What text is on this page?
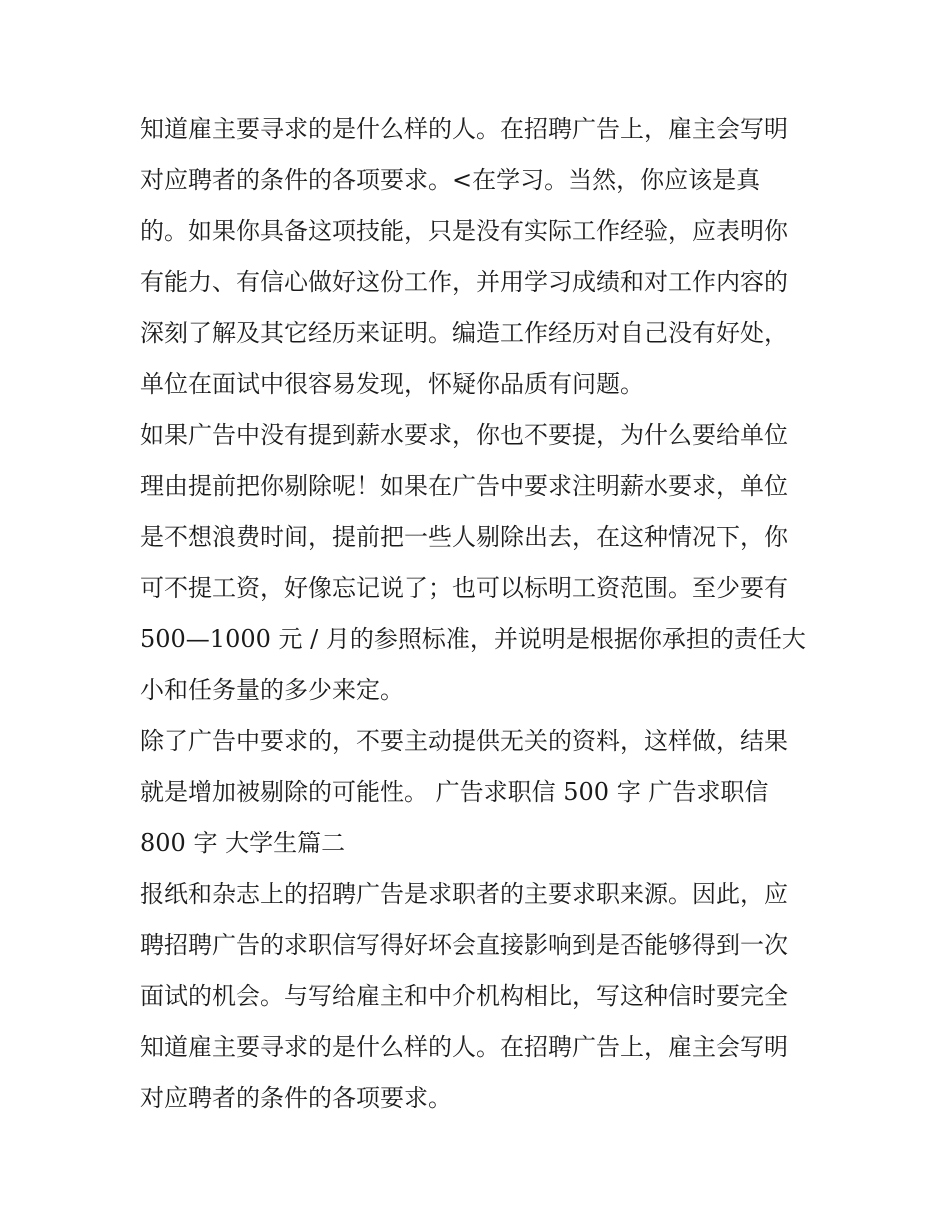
知道雇主要寻求的是什么样的人。在招聘广告上，雇主会写明
对应聘者的条件的各项要求。<在学习。当然，你应该是真
的。如果你具备这项技能，只是没有实际工作经验，应表明你
有能力、有信心做好这份工作，并用学习成绩和对工作内容的
深刻了解及其它经历来证明。编造工作经历对自己没有好处，
单位在面试中很容易发现，怀疑你品质有问题。
如果广告中没有提到薪水要求，你也不要提，为什么要给单位
理由提前把你剔除呢！如果在广告中要求注明薪水要求，单位
是不想浪费时间，提前把一些人剔除出去，在这种情况下，你
可不提工资，好像忘记说了；也可以标明工资范围。至少要有
500—1000 元 / 月的参照标准，并说明是根据你承担的责任大
小和任务量的多少来定。
除了广告中要求的，不要主动提供无关的资料，这样做，结果
就是增加被剔除的可能性。 广告求职信 500 字 广告求职信
800 字 大学生篇二
报纸和杂志上的招聘广告是求职者的主要求职来源。因此，应
聘招聘广告的求职信写得好坏会直接影响到是否能够得到一次
面试的机会。与写给雇主和中介机构相比，写这种信时要完全
知道雇主要寻求的是什么样的人。在招聘广告上，雇主会写明
对应聘者的条件的各项要求。
